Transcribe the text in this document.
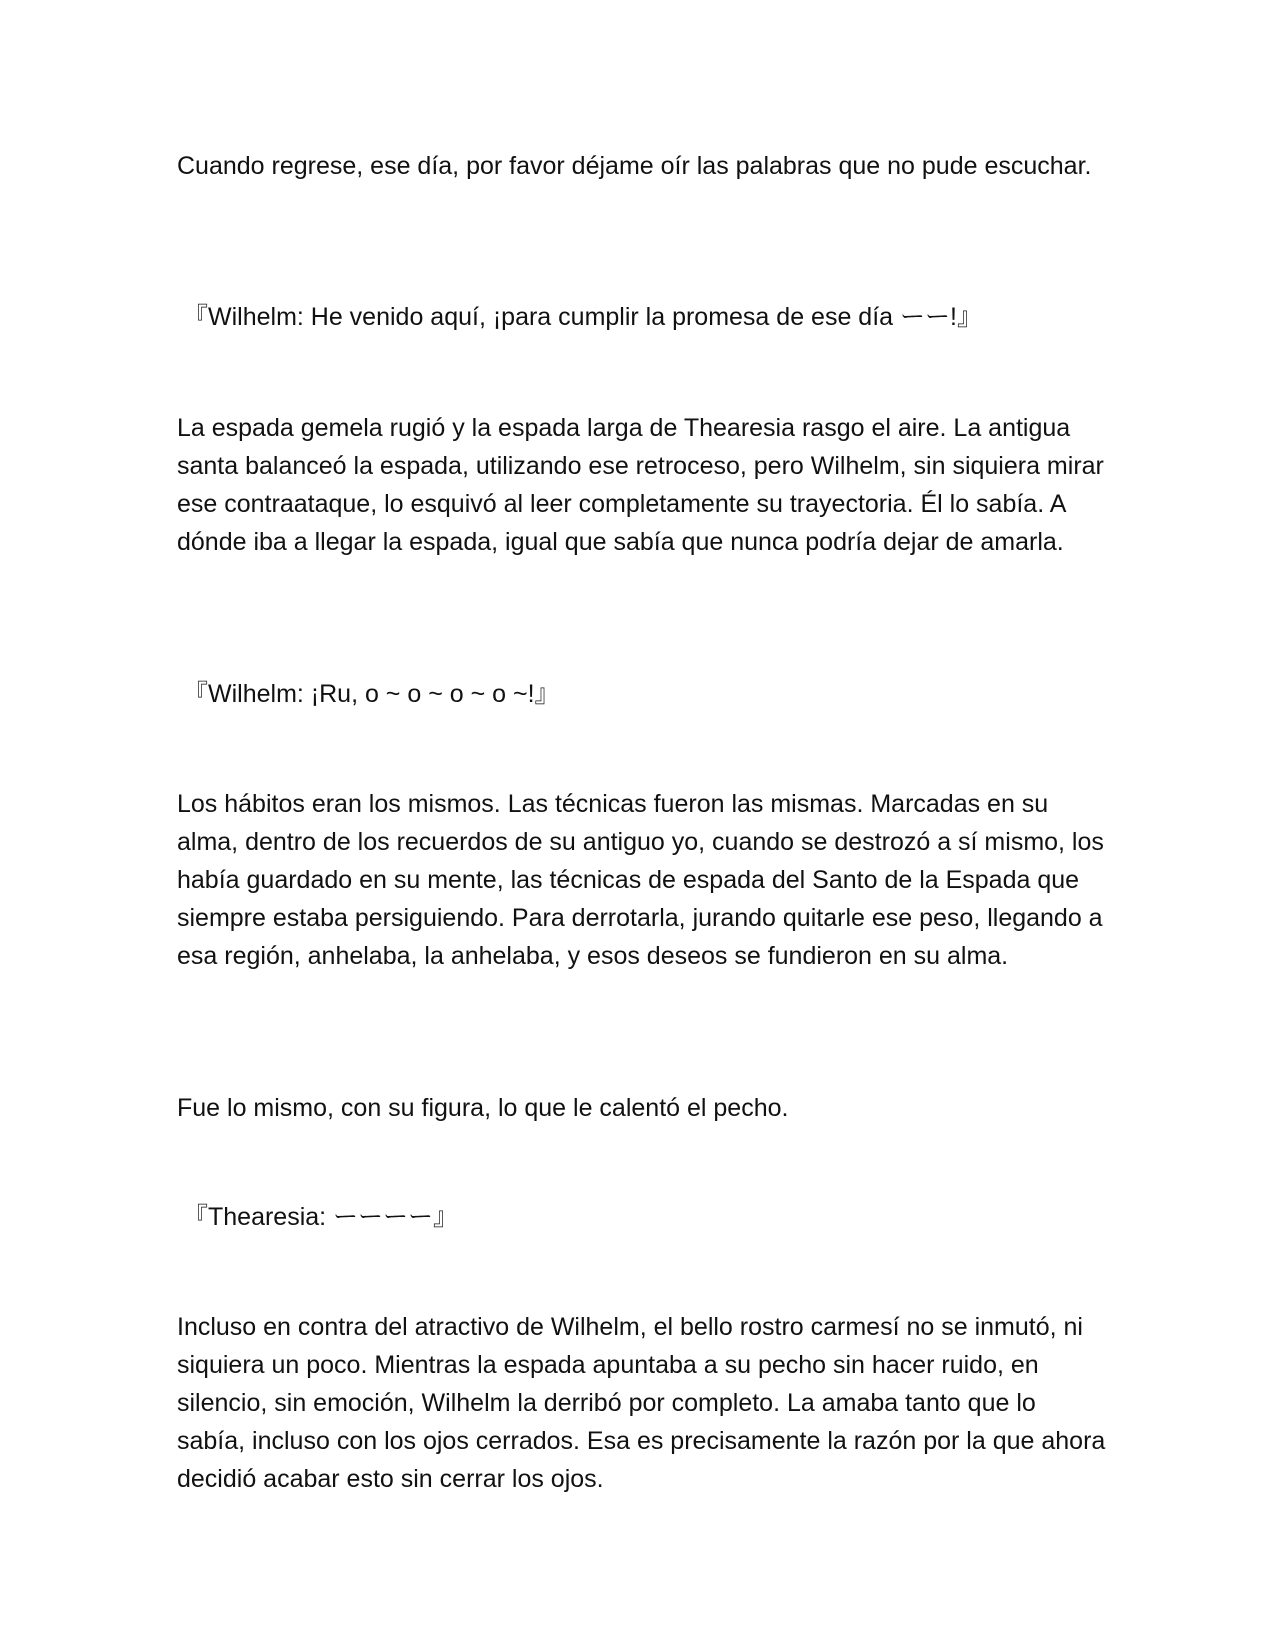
Cuando regrese, ese día, por favor déjame oír las palabras que no pude escuchar.

『Wilhelm: He venido aquí, ¡para cumplir la promesa de ese día ーー!』

La espada gemela rugió y la espada larga de Thearesia rasgo el aire. La antigua santa balanceó la espada, utilizando ese retroceso, pero Wilhelm, sin siquiera mirar ese contraataque, lo esquivó al leer completamente su trayectoria. Él lo sabía. A dónde iba a llegar la espada, igual que sabía que nunca podría dejar de amarla.

『Wilhelm: ¡Ru, o ~ o ~ o ~ o ~!』

Los hábitos eran los mismos. Las técnicas fueron las mismas. Marcadas en su alma, dentro de los recuerdos de su antiguo yo, cuando se destrozó a sí mismo, los había guardado en su mente, las técnicas de espada del Santo de la Espada que siempre estaba persiguiendo. Para derrotarla, jurando quitarle ese peso, llegando a esa región, anhelaba, la anhelaba, y esos deseos se fundieron en su alma.

Fue lo mismo, con su figura, lo que le calentó el pecho.

『Thearesia: ーーーー』

Incluso en contra del atractivo de Wilhelm, el bello rostro carmesí no se inmutó, ni siquiera un poco. Mientras la espada apuntaba a su pecho sin hacer ruido, en silencio, sin emoción, Wilhelm la derribó por completo. La amaba tanto que lo sabía, incluso con los ojos cerrados. Esa es precisamente la razón por la que ahora decidió acabar esto sin cerrar los ojos.
